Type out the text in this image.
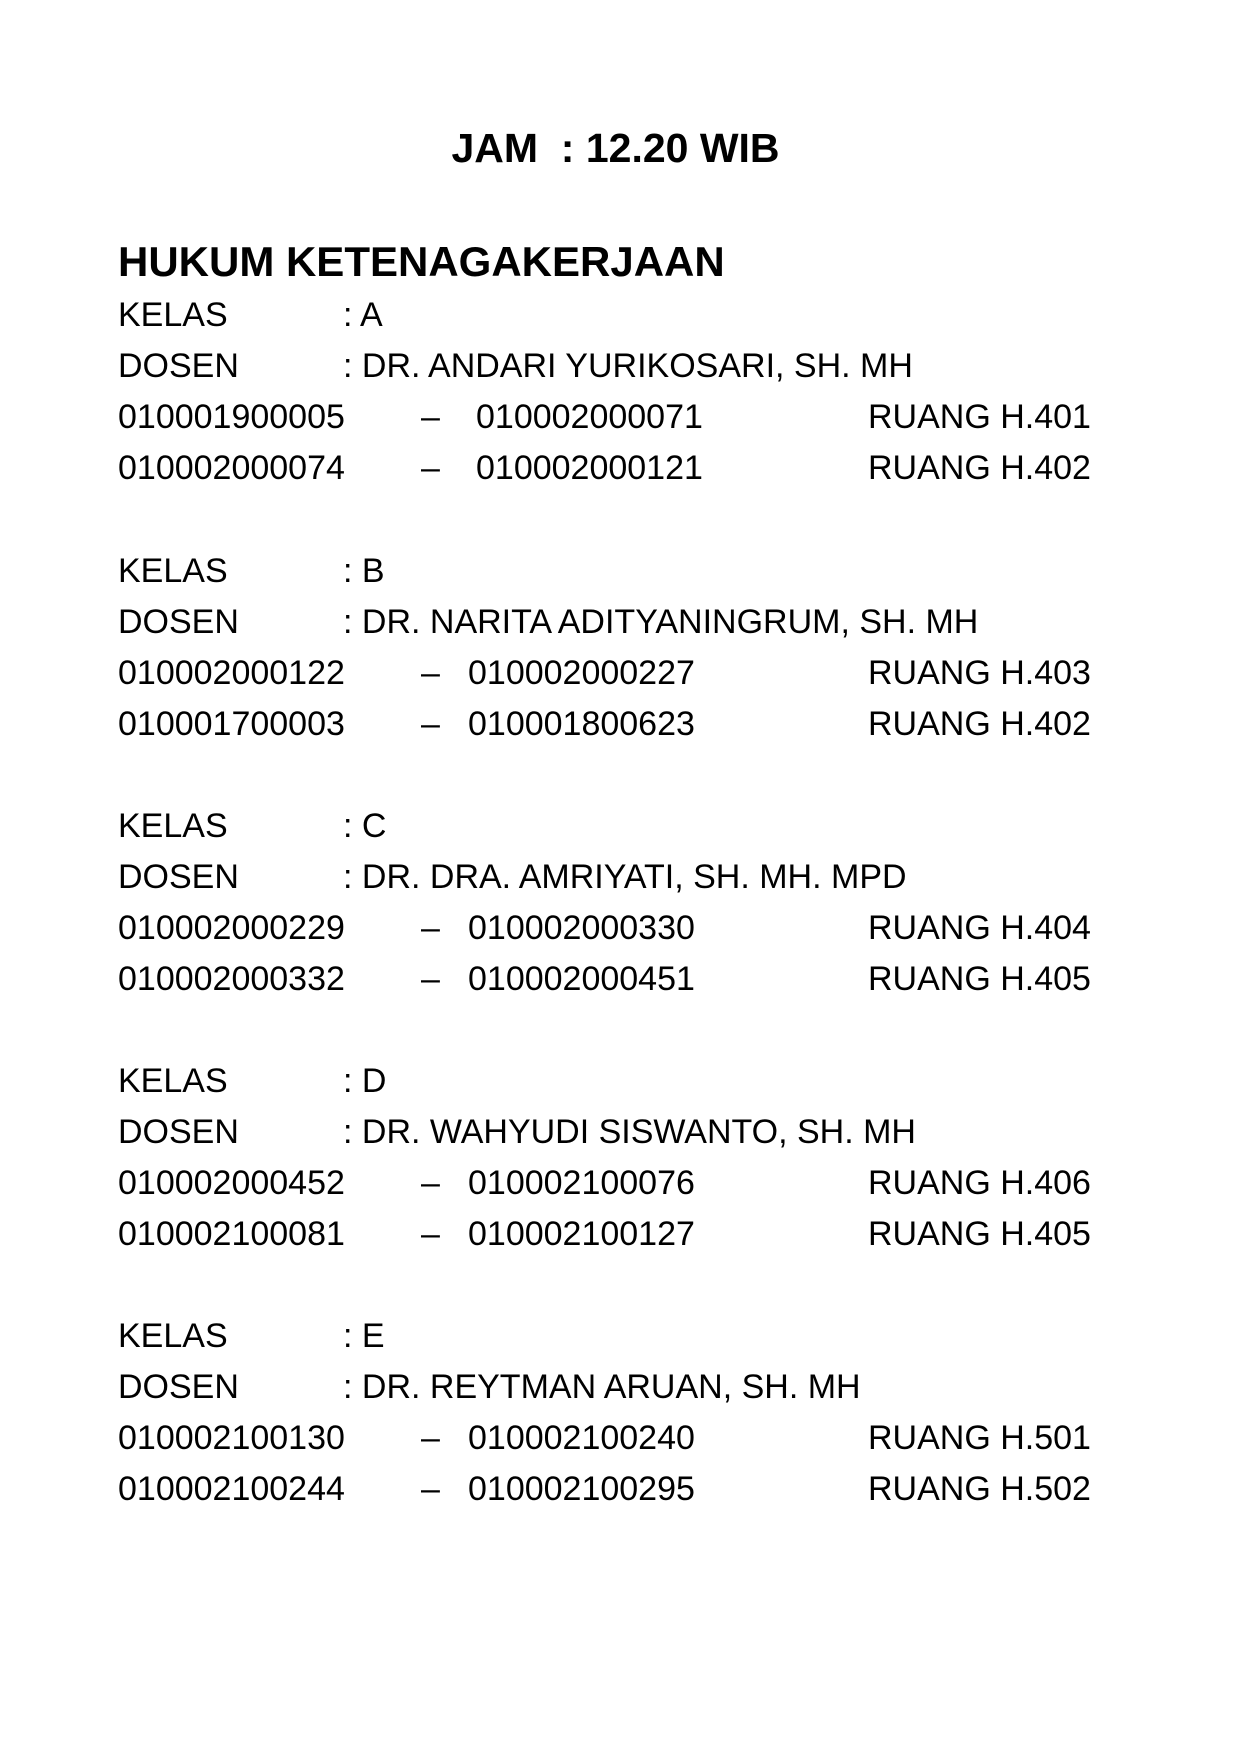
JAM  : 12.20 WIB
HUKUM KETENAGAKERJAAN
KELAS	: A
DOSEN	: DR. ANDARI YURIKOSARI, SH. MH
010001900005 – 010002000071	RUANG H.401
010002000074 – 010002000121	RUANG H.402
KELAS	: B
DOSEN	: DR. NARITA ADITYANINGRUM, SH. MH
010002000122 – 010002000227	RUANG H.403
010001700003 – 010001800623	RUANG H.402
KELAS	: C
DOSEN	: DR. DRA. AMRIYATI, SH. MH. MPD
010002000229 – 010002000330	RUANG H.404
010002000332 – 010002000451	RUANG H.405
KELAS	: D
DOSEN	: DR. WAHYUDI SISWANTO, SH. MH
010002000452 – 010002100076	RUANG H.406
010002100081 – 010002100127	RUANG H.405
KELAS	: E
DOSEN	: DR. REYTMAN ARUAN, SH. MH
010002100130 – 010002100240	RUANG H.501
010002100244 – 010002100295	RUANG H.502
